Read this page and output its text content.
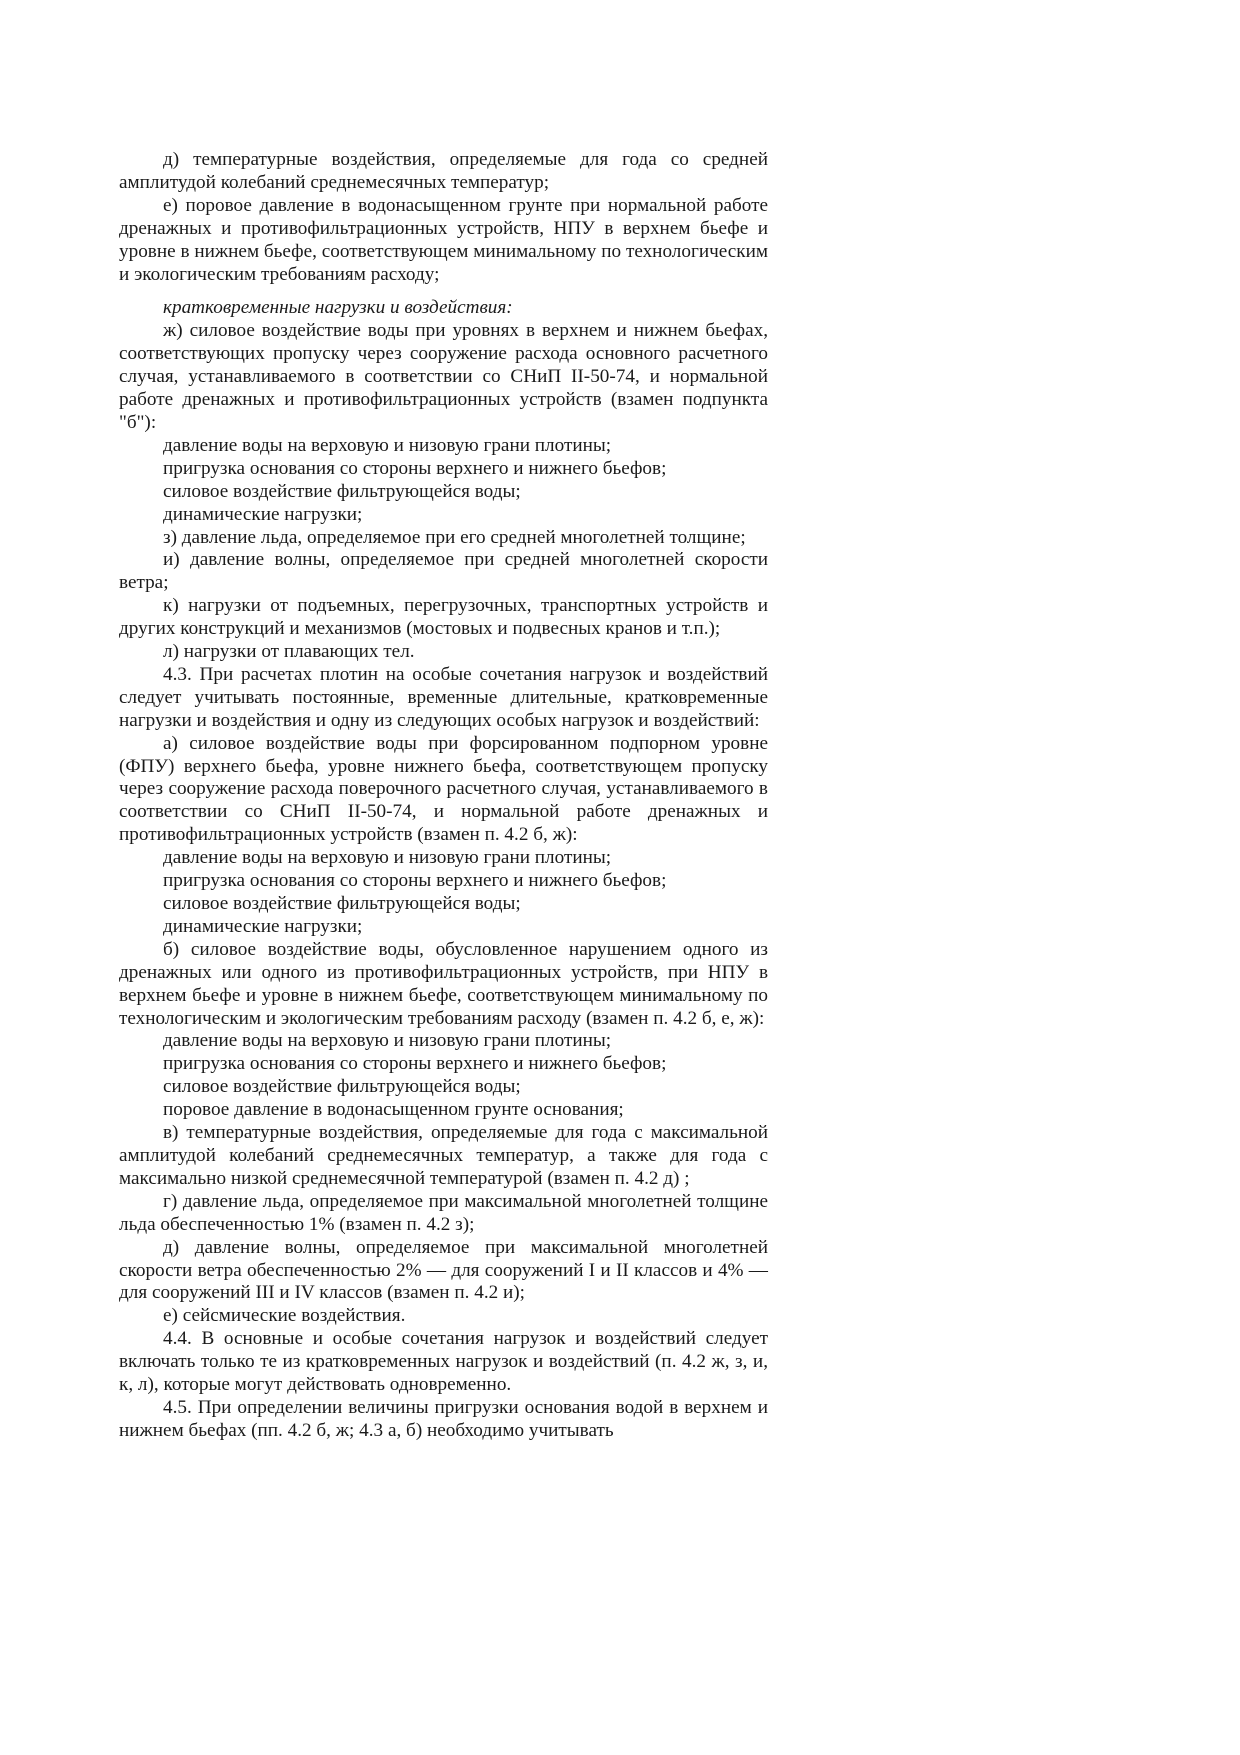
д) температурные воздействия, определяемые для года со средней амплитудой колебаний среднемесячных температур;

е) поровое давление в водонасыщенном грунте при нормальной работе дренажных и противофильтрационных устройств, НПУ в верхнем бьефе и уровне в нижнем бьефе, соответствующем минимальному по технологическим и экологическим требованиям расходу;

кратковременные нагрузки и воздействия:

ж) силовое воздействие воды при уровнях в верхнем и нижнем бьефах, соответствующих пропуску через сооружение расхода основного расчетного случая, устанавливаемого в соответствии со СНиП II-50-74, и нормальной работе дренажных и противофильтрационных устройств (взамен подпункта "б"):

давление воды на верховую и низовую грани плотины;

пригрузка основания со стороны верхнего и нижнего бьефов;

силовое воздействие фильтрующейся воды;

динамические нагрузки;

з) давление льда, определяемое при его средней многолетней толщине;

и) давление волны, определяемое при средней многолетней скорости ветра;

к) нагрузки от подъемных, перегрузочных, транспортных устройств и других конструкций и механизмов (мостовых и подвесных кранов и т.п.);

л) нагрузки от плавающих тел.

4.3. При расчетах плотин на особые сочетания нагрузок и воздействий следует учитывать постоянные, временные длительные, кратковременные нагрузки и воздействия и одну из следующих особых нагрузок и воздействий:

а) силовое воздействие воды при форсированном подпорном уровне (ФПУ) верхнего бьефа, уровне нижнего бьефа, соответствующем пропуску через сооружение расхода поверочного расчетного случая, устанавливаемого в соответствии со СНиП II-50-74, и нормальной работе дренажных и противофильтрационных устройств (взамен п. 4.2 б, ж):

давление воды на верховую и низовую грани плотины;

пригрузка основания со стороны верхнего и нижнего бьефов;

силовое воздействие фильтрующейся воды;

динамические нагрузки;

б) силовое воздействие воды, обусловленное нарушением одного из дренажных или одного из противофильтрационных устройств, при НПУ в верхнем бьефе и уровне в нижнем бьефе, соответствующем минимальному по технологическим и экологическим требованиям расходу (взамен п. 4.2 б, е, ж):

давление воды на верховую и низовую грани плотины;

пригрузка основания со стороны верхнего и нижнего бьефов;

силовое воздействие фильтрующейся воды;

поровое давление в водонасыщенном грунте основания;

в) температурные воздействия, определяемые для года с максимальной амплитудой колебаний среднемесячных температур, а также для года с максимально низкой среднемесячной температурой (взамен п. 4.2 д) ;

г) давление льда, определяемое при максимальной многолетней толщине льда обеспеченностью 1% (взамен п. 4.2 з);

д) давление волны, определяемое при максимальной многолетней скорости ветра обеспеченностью 2% — для сооружений I и II классов и 4% — для сооружений III и IV классов (взамен п. 4.2 и);

е) сейсмические воздействия.

4.4. В основные и особые сочетания нагрузок и воздействий следует включать только те из кратковременных нагрузок и воздействий (п. 4.2 ж, з, и, к, л), которые могут действовать одновременно.

4.5. При определении величины пригрузки основания водой в верхнем и нижнем бьефах (пп. 4.2 б, ж; 4.3 а, б) необходимо учитывать
